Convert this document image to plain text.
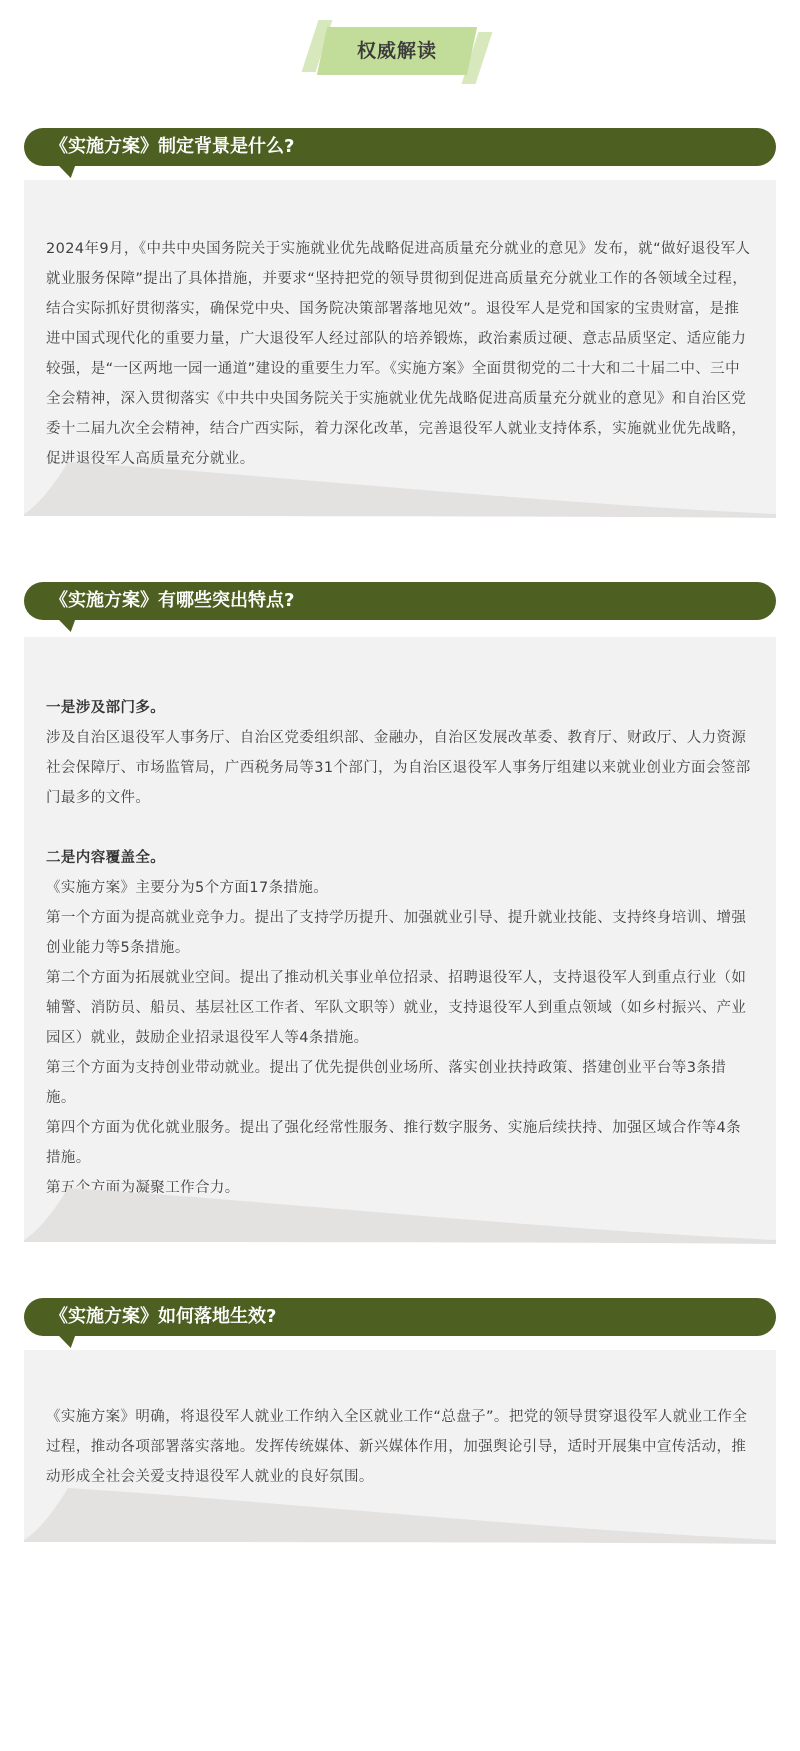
权威解读
《实施方案》制定背景是什么?

2024年9月，《中共中央国务院关于实施就业优先战略促进高质量充分就业的意见》发布，就“做好退役军人就业服务保障”提出了具体措施，并要求“坚持把党的领导贯彻到促进高质量充分就业工作的各领域全过程，结合实际抓好贯彻落实，确保党中央、国务院决策部署落地见效”。退役军人是党和国家的宝贵财富，是推进中国式现代化的重要力量，广大退役军人经过部队的培养锻炼，政治素质过硬、意志品质坚定、适应能力较强，是“一区两地一园一通道”建设的重要生力军。《实施方案》全面贯彻党的二十大和二十届二中、三中全会精神，深入贯彻落实《中共中央国务院关于实施就业优先战略促进高质量充分就业的意见》和自治区党委十二届九次全会精神，结合广西实际，着力深化改革，完善退役军人就业支持体系，实施就业优先战略，促进退役军人高质量充分就业。

《实施方案》有哪些突出特点?

一是涉及部门多。

涉及自治区退役军人事务厅、自治区党委组织部、金融办，自治区发展改革委、教育厅、财政厅、人力资源社会保障厅、市场监管局，广西税务局等31个部门，为自治区退役军人事务厅组建以来就业创业方面会签部门最多的文件。

二是内容覆盖全。

《实施方案》主要分为5个方面17条措施。

第一个方面为提高就业竞争力。提出了支持学历提升、加强就业引导、提升就业技能、支持终身培训、增强创业能力等5条措施。

第二个方面为拓展就业空间。提出了推动机关事业单位招录、招聘退役军人，支持退役军人到重点行业（如辅警、消防员、船员、基层社区工作者、军队文职等）就业，支持退役军人到重点领域（如乡村振兴、产业园区）就业，鼓励企业招录退役军人等4条措施。

第三个方面为支持创业带动就业。提出了优先提供创业场所、落实创业扶持政策、搭建创业平台等3条措施。

第四个方面为优化就业服务。提出了强化经常性服务、推行数字服务、实施后续扶持、加强区域合作等4条措施。

第五个方面为凝聚工作合力。

《实施方案》如何落地生效?

《实施方案》明确，将退役军人就业工作纳入全区就业工作“总盘子”。把党的领导贯穿退役军人就业工作全过程，推动各项部署落实落地。发挥传统媒体、新兴媒体作用，加强舆论引导，适时开展集中宣传活动，推动形成全社会关爱支持退役军人就业的良好氛围。
